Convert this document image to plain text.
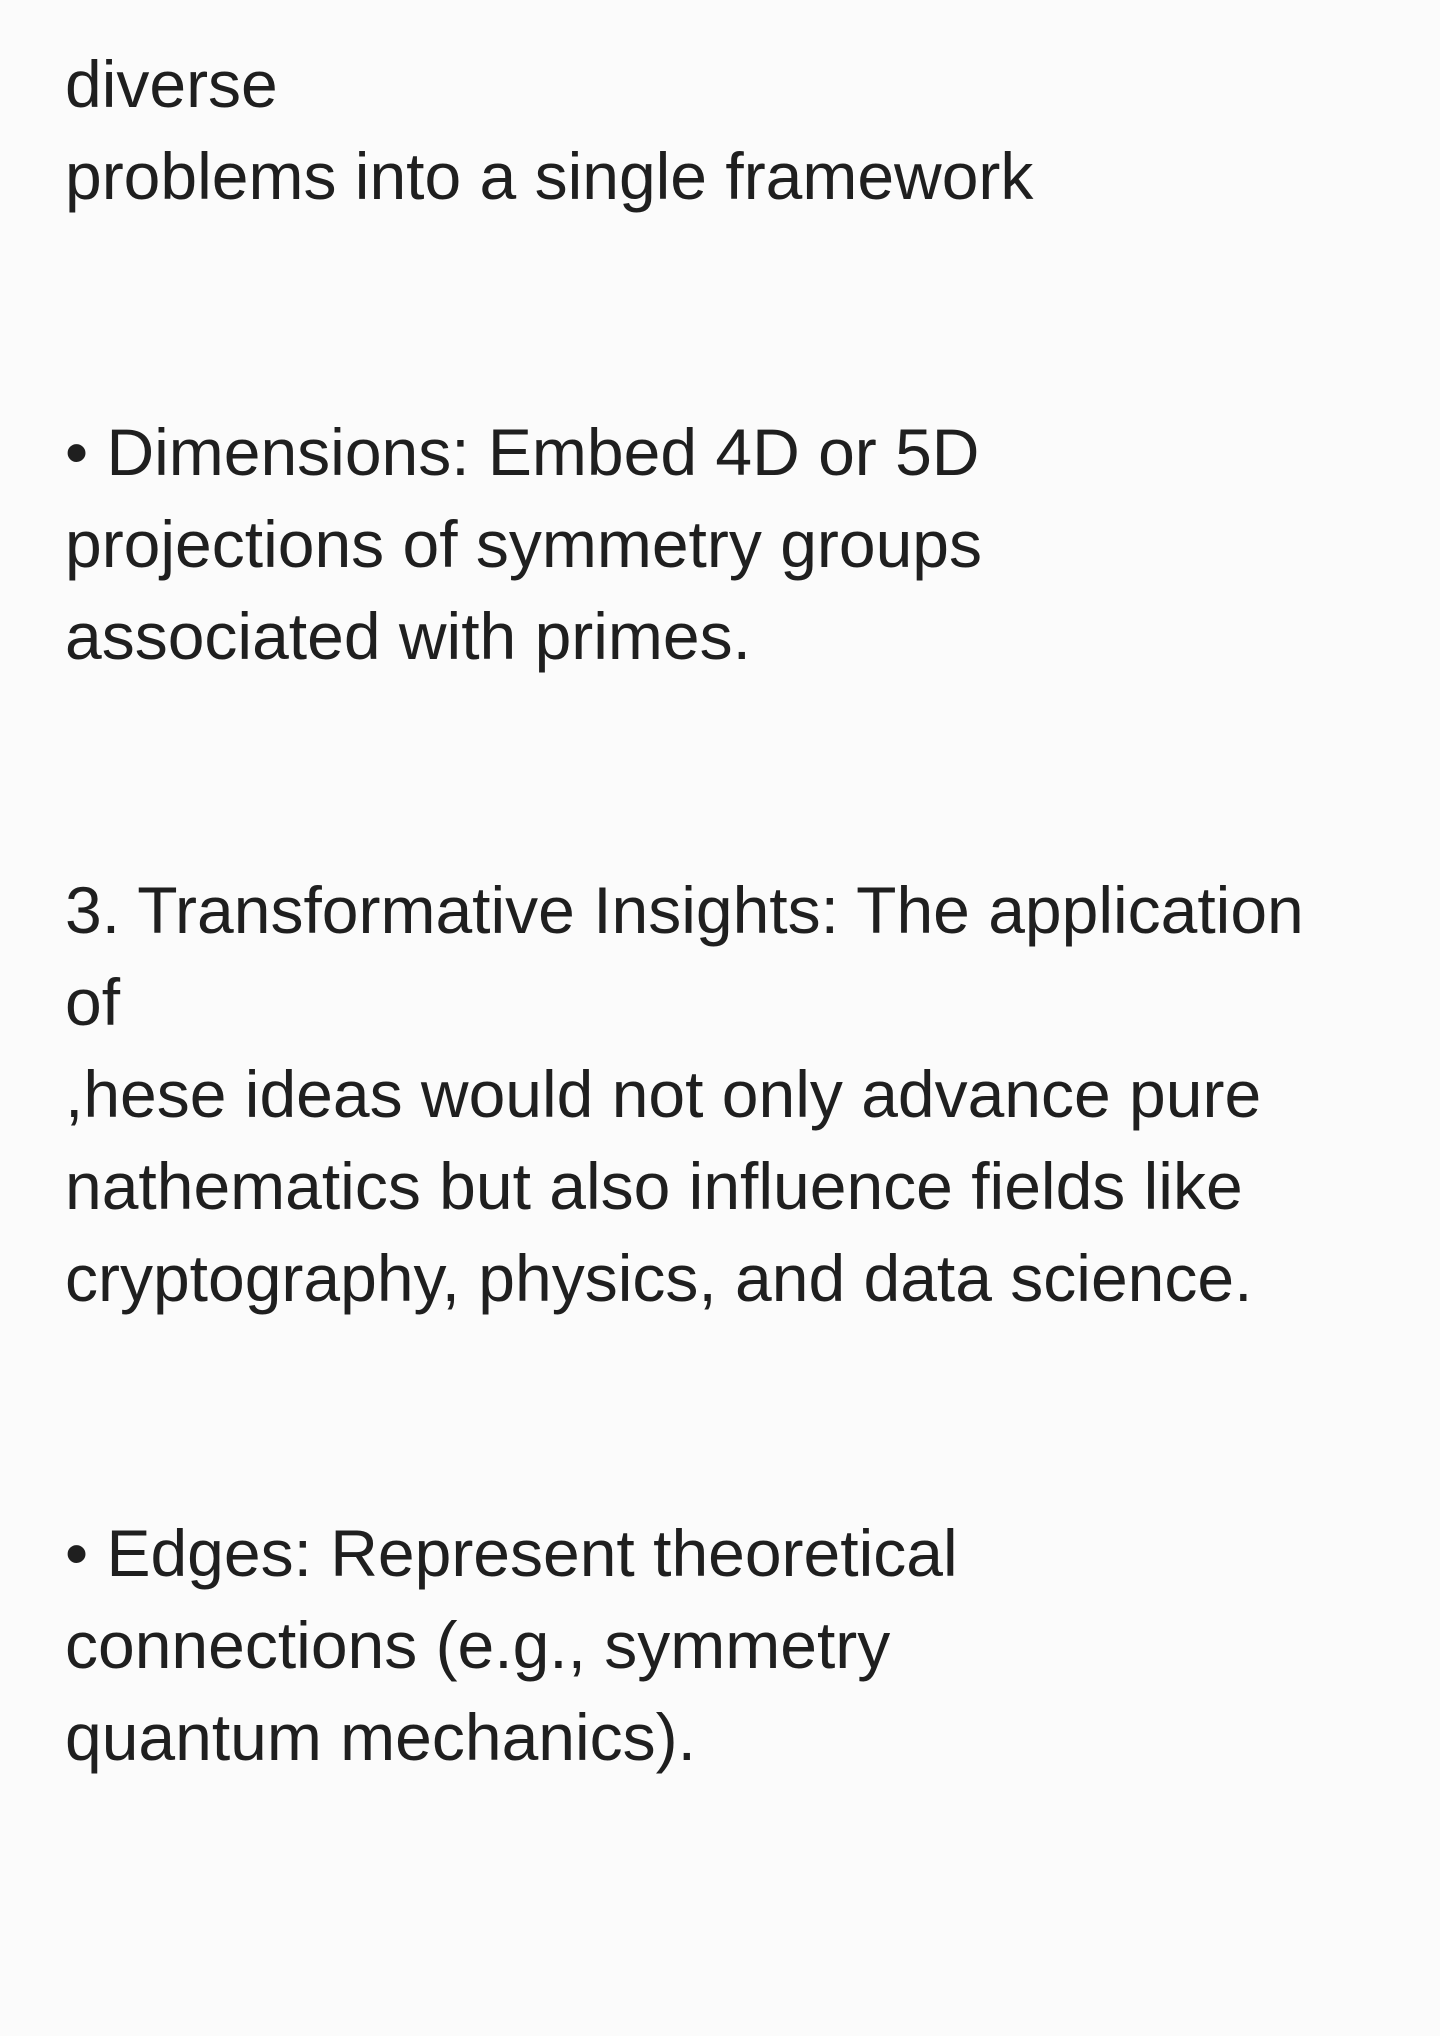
diverse
problems into a single framework

• Dimensions: Embed 4D or 5D
projections of symmetry groups
associated with primes.

3. Transformative Insights: The application
of
,hese ideas would not only advance pure
nathematics but also influence fields like
cryptography, physics, and data science.

• Edges: Represent theoretical
connections (e.g., symmetry
quantum mechanics).
